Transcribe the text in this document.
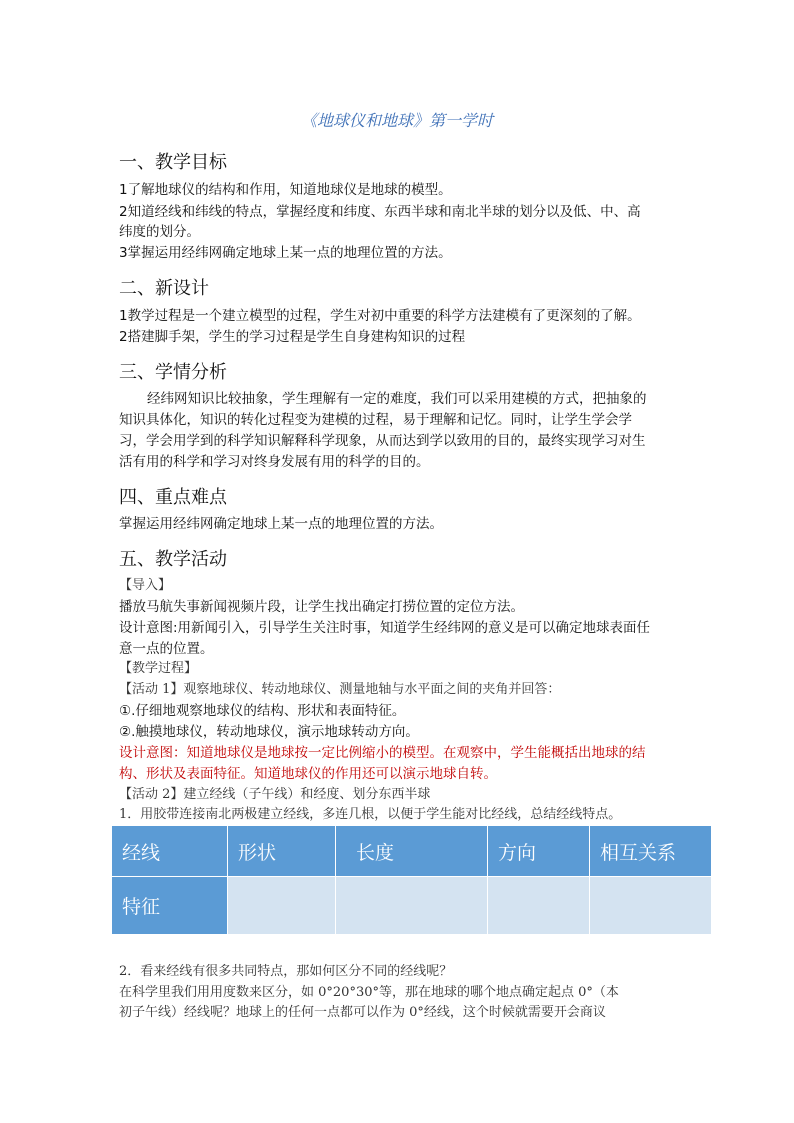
《地球仪和地球》第一学时
一、教学目标
1了解地球仪的结构和作用，知道地球仪是地球的模型。
2知道经线和纬线的特点，掌握经度和纬度、东西半球和南北半球的划分以及低、中、高
纬度的划分。
3掌握运用经纬网确定地球上某一点的地理位置的方法。
二、新设计
1教学过程是一个建立模型的过程，学生对初中重要的科学方法建模有了更深刻的了解。
2搭建脚手架，学生的学习过程是学生自身建构知识的过程
三、学情分析
经纬网知识比较抽象，学生理解有一定的难度，我们可以采用建模的方式，把抽象的
知识具体化，知识的转化过程变为建模的过程，易于理解和记忆。同时，让学生学会学
习，学会用学到的科学知识解释科学现象，从而达到学以致用的目的，最终实现学习对生
活有用的科学和学习对终身发展有用的科学的目的。
四、重点难点
掌握运用经纬网确定地球上某一点的地理位置的方法。
五、教学活动
【导入】
播放马航失事新闻视频片段，让学生找出确定打捞位置的定位方法。
设计意图:用新闻引入，引导学生关注时事，知道学生经纬网的意义是可以确定地球表面任
意一点的位置。
【教学过程】
【活动 1】观察地球仪、转动地球仪、测量地轴与水平面之间的夹角并回答：
①.仔细地观察地球仪的结构、形状和表面特征。
②.触摸地球仪，转动地球仪，演示地球转动方向。
设计意图：知道地球仪是地球按一定比例缩小的模型。在观察中，学生能概括出地球的结
构、形状及表面特征。知道地球仪的作用还可以演示地球自转。
【活动 2】建立经线（子午线）和经度、划分东西半球
1．用胶带连接南北两极建立经线，多连几根，以便于学生能对比经线，总结经线特点。
经线	形状	长度	方向	相互关系
特征				
2．看来经线有很多共同特点，那如何区分不同的经线呢？
在科学里我们用用度数来区分，如 0°20°30°等，那在地球的哪个地点确定起点 0°（本
初子午线）经线呢？地球上的任何一点都可以作为 0°经线，这个时候就需要开会商议
